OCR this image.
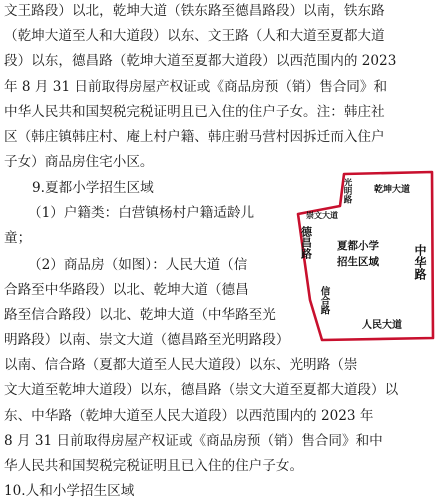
文王路段）以北，乾坤大道（铁东路至德昌路段）以南，铁东路
（乾坤大道至人和大道段）以东、文王路（人和大道至夏都大道
段）以东，德昌路（乾坤大道至夏都大道段）以西范围内的 2023
年 8 月 31 日前取得房屋产权证或《商品房预（销）售合同》和
中华人民共和国契税完税证明且已入住的住户子女。注：韩庄社
区（韩庄镇韩庄村、庵上村户籍、韩庄驸马营村因拆迁而入住户
子女）商品房住宅小区。
9.夏都小学招生区域
（1）户籍类：白营镇杨村户籍适龄儿
童；
（2）商品房（如图）：人民大道（信
合路至中华路段）以北、乾坤大道（德昌
路至信合路段）以北、乾坤大道（中华路至光
明路段）以南、崇文大道（德昌路至光明路段）
以南、信合路（夏都大道至人民大道段）以东、光明路（崇
文大道至乾坤大道段）以东，德昌路（崇文大道至夏都大道段）以
东、中华路（乾坤大道至人民大道段）以西范围内的 2023 年
8 月 31 日前取得房屋产权证或《商品房预（销）售合同》和中
华人民共和国契税完税证明且已入住的住户子女。
10.人和小学招生区域
光明路 乾坤大道
崇文大道
德昌路 夏都小学
招生区域	中华路
信合路
人民大道
